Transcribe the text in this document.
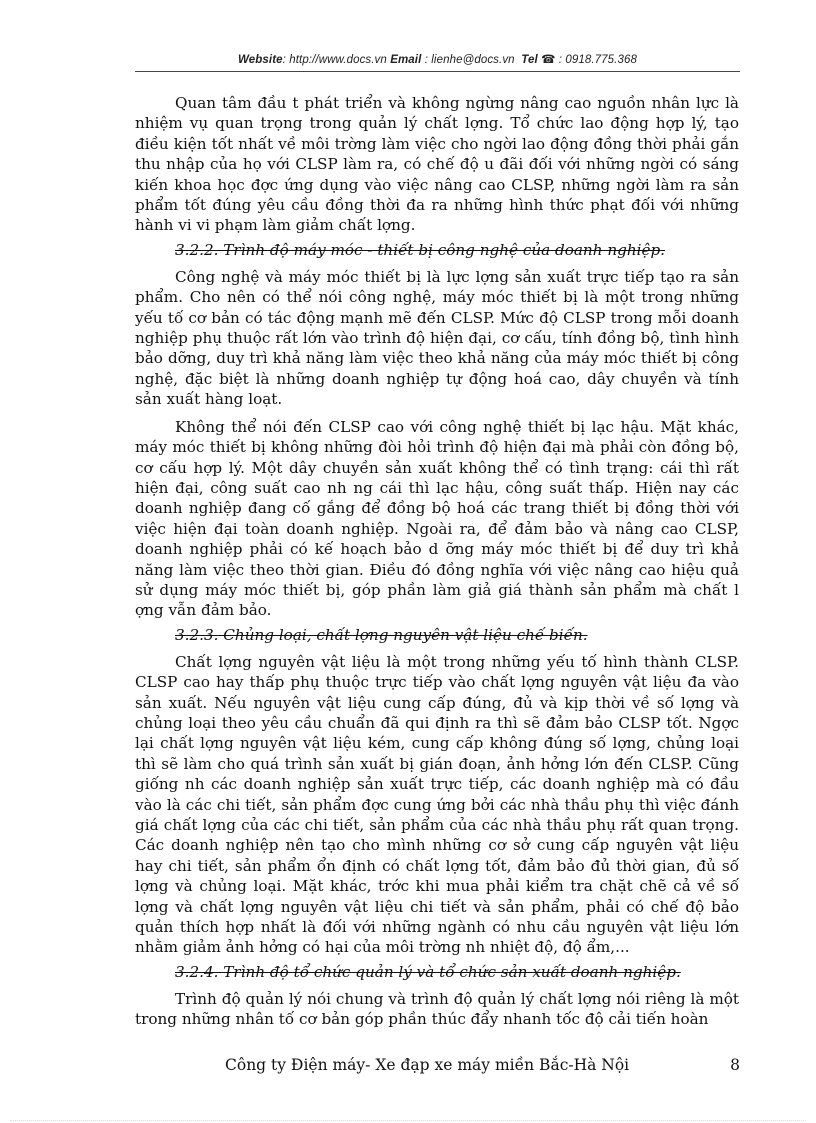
Website: http://www.docs.vn Email : lienhe@docs.vn Tel ☎ : 0918.775.368

Quan tâm đầu t phát triển và không ngừng nâng cao nguồn nhân lực là nhiệm vụ quan trọng trong quản lý chất lợng. Tổ chức lao động hợp lý, tạo điều kiện tốt nhất về môi trờng làm việc cho ngời lao động đồng thời phải gắn thu nhập của họ với CLSP làm ra, có chế độ u đãi đối với những ngời có sáng kiến khoa học đợc ứng dụng vào việc nâng cao CLSP, những ngời làm ra sản phẩm tốt đúng yêu cầu đồng thời đa ra những hình thức phạt đối với những hành vi vi phạm làm giảm chất lợng.

3.2.2. Trình độ máy móc - thiết bị công nghệ của doanh nghiệp.

Công nghệ và máy móc thiết bị là lực lợng sản xuất trực tiếp tạo ra sản phẩm. Cho nên có thể nói công nghệ, máy móc thiết bị là một trong những yếu tố cơ bản có tác động mạnh mẽ đến CLSP. Mức độ CLSP trong mỗi doanh nghiệp phụ thuộc rất lớn vào trình độ hiện đại, cơ cấu, tính đồng bộ, tình hình bảo dỡng, duy trì khả năng làm việc theo khả năng của máy móc thiết bị công nghệ, đặc biệt là những doanh nghiệp tự động hoá cao, dây chuyền và tính sản xuất hàng loạt.

Không thể nói đến CLSP cao với công nghệ thiết bị lạc hậu. Mặt khác, máy móc thiết bị không những đòi hỏi trình độ hiện đại mà phải còn đồng bộ, cơ cấu hợp lý. Một dây chuyền sản xuất không thể có tình trạng: cái thì rất hiện đại, công suất cao nh ng cái thì lạc hậu, công suất thấp. Hiện nay các doanh nghiệp đang cố gắng để đồng bộ hoá các trang thiết bị đồng thời với việc hiện đại toàn doanh nghiệp. Ngoài ra, để đảm bảo và nâng cao CLSP, doanh nghiệp phải có kế hoạch bảo d ỡng máy móc thiết bị để duy trì khả năng làm việc theo thời gian. Điều đó đồng nghĩa với việc nâng cao hiệu quả sử dụng máy móc thiết bị, góp phần làm giả giá thành sản phẩm mà chất l ợng vẫn đảm bảo.

3.2.3. Chủng loại, chất lợng nguyên vật liệu chế biến.

Chất lợng nguyên vật liệu là một trong những yếu tố hình thành CLSP. CLSP cao hay thấp phụ thuộc trực tiếp vào chất lợng nguyên vật liệu đa vào sản xuất. Nếu nguyên vật liệu cung cấp đúng, đủ và kịp thời về số lợng và chủng loại theo yêu cầu chuẩn đã qui định ra thì sẽ đảm bảo CLSP tốt. Ngợc lại chất lợng nguyên vật liệu kém, cung cấp không đúng số lợng, chủng loại thì sẽ làm cho quá trình sản xuất bị gián đoạn, ảnh hởng lớn đến CLSP. Cũng giống nh các doanh nghiệp sản xuất trực tiếp, các doanh nghiệp mà có đầu vào là các chi tiết, sản phẩm đợc cung ứng bởi các nhà thầu phụ thì việc đánh giá chất lợng của các chi tiết, sản phẩm của các nhà thầu phụ rất quan trọng. Các doanh nghiệp nên tạo cho mình những cơ sở cung cấp nguyên vật liệu hay chi tiết, sản phẩm ổn định có chất lợng tốt, đảm bảo đủ thời gian, đủ số lợng và chủng loại. Mặt khác, trớc khi mua phải kiểm tra chặt chẽ cả về số lợng và chất lợng nguyên vật liệu chi tiết và sản phẩm, phải có chế độ bảo quản thích hợp nhất là đối với những ngành có nhu cầu nguyên vật liệu lớn nhằm giảm ảnh hởng có hại của môi trờng nh nhiệt độ, độ ẩm,...

3.2.4. Trình độ tổ chức quản lý và tổ chức sản xuất doanh nghiệp.

Trình độ quản lý nói chung và trình độ quản lý chất lợng nói riêng là một trong những nhân tố cơ bản góp phần thúc đẩy nhanh tốc độ cải tiến hoàn

Công ty Điện máy- Xe đạp xe máy miền Bắc-Hà Nội	8
